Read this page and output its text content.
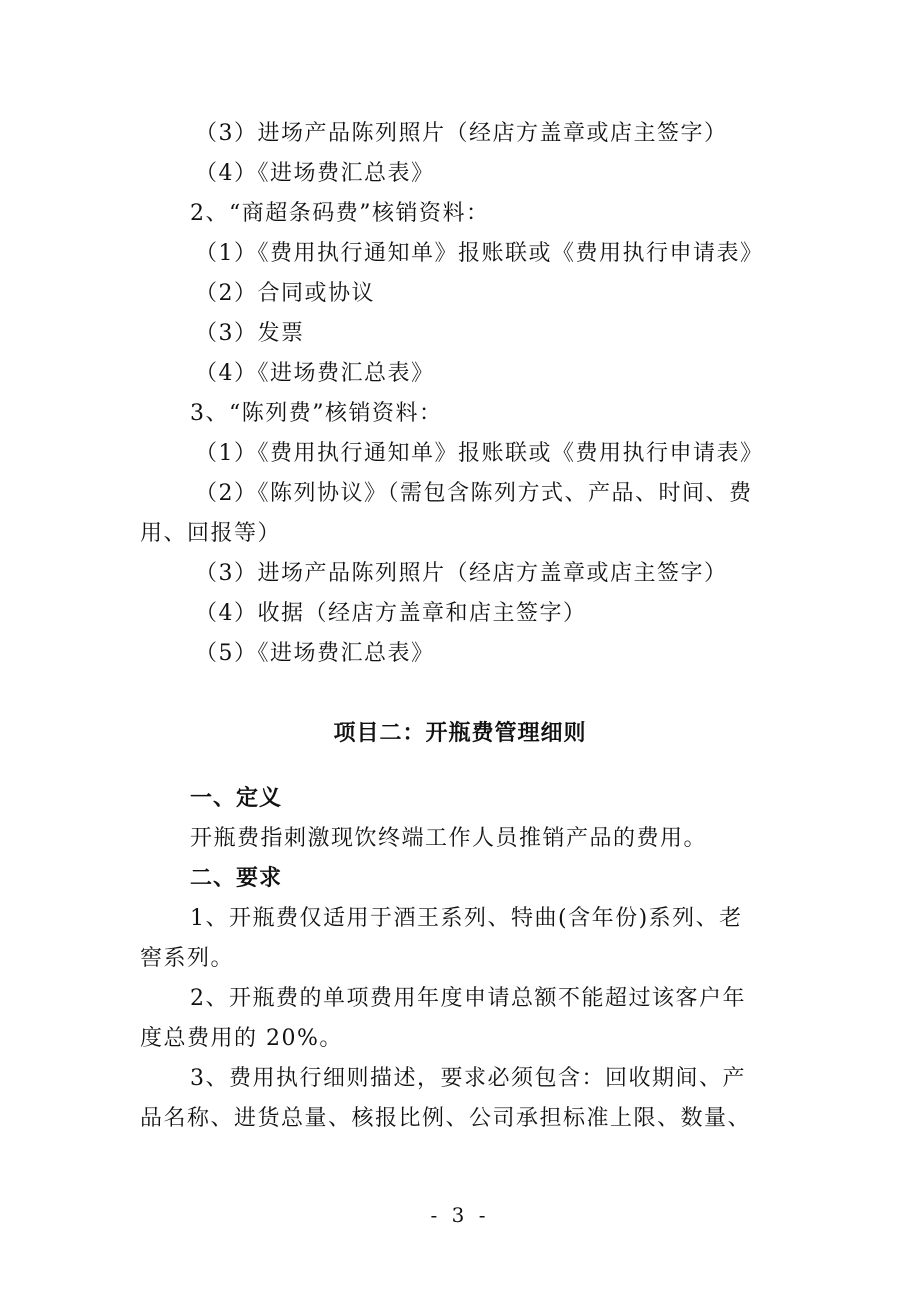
（3）进场产品陈列照片（经店方盖章或店主签字）
（4）《进场费汇总表》
2、“商超条码费”核销资料：
（1）《费用执行通知单》报账联或《费用执行申请表》
（2）合同或协议
（3）发票
（4）《进场费汇总表》
3、“陈列费”核销资料：
（1）《费用执行通知单》报账联或《费用执行申请表》
（2）《陈列协议》（需包含陈列方式、产品、时间、费
用、回报等）
（3）进场产品陈列照片（经店方盖章或店主签字）
（4）收据（经店方盖章和店主签字）
（5）《进场费汇总表》
项目二：开瓶费管理细则
一、定义
开瓶费指刺激现饮终端工作人员推销产品的费用。
二、要求
1、开瓶费仅适用于酒王系列、特曲(含年份)系列、老
窖系列。
2、开瓶费的单项费用年度申请总额不能超过该客户年
度总费用的 20%。
3、费用执行细则描述，要求必须包含：回收期间、产
品名称、进货总量、核报比例、公司承担标准上限、数量、
- 3 -
